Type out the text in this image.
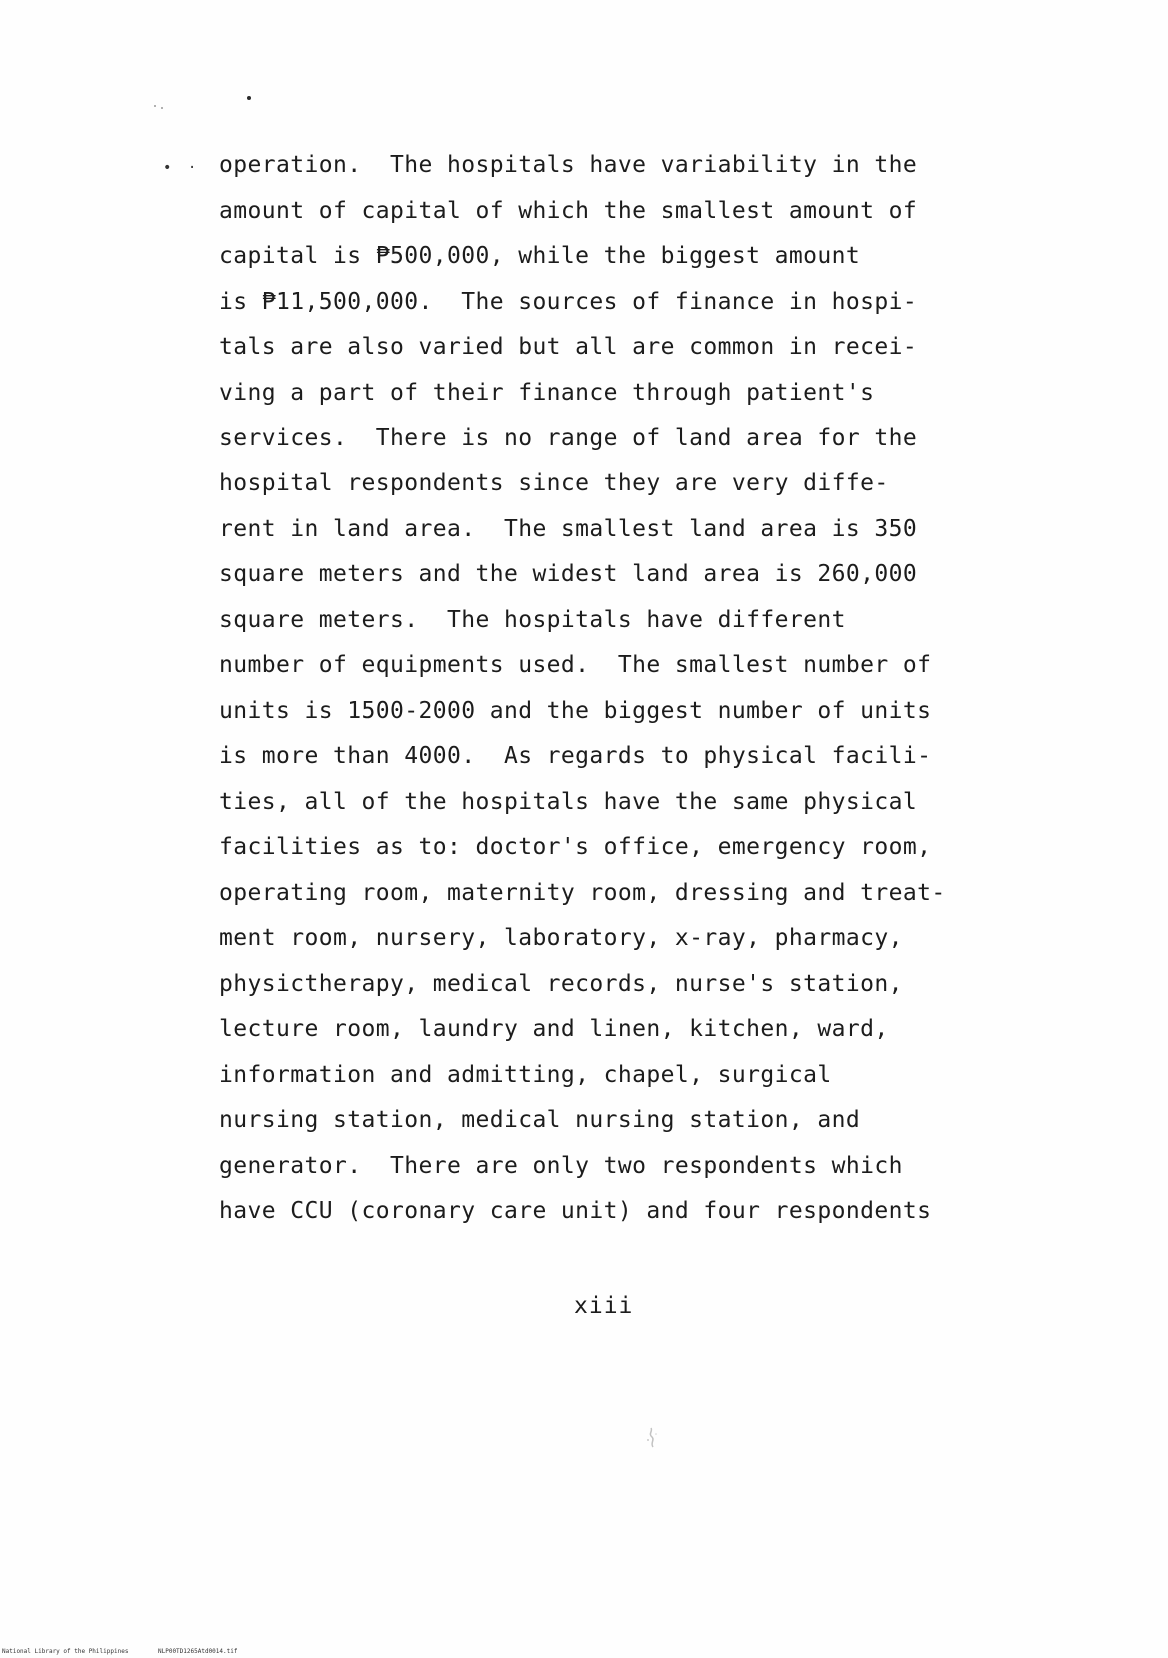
• · operation.  The hospitals have variability in the
amount of capital of which the smallest amount of
capital is ₱500,000, while the biggest amount
is ₱11,500,000.  The sources of finance in hospi-
tals are also varied but all are common in recei-
ving a part of their finance through patient's
services.  There is no range of land area for the
hospital respondents since they are very diffe-
rent in land area.  The smallest land area is 350
square meters and the widest land area is 260,000
square meters.  The hospitals have different
number of equipments used.  The smallest number of
units is 1500-2000 and the biggest number of units
is more than 4000.  As regards to physical facili-
ties, all of the hospitals have the same physical
facilities as to: doctor's office, emergency room,
operating room, maternity room, dressing and treat-
ment room, nursery, laboratory, x-ray, pharmacy,
physictherapy, medical records, nurse's station,
lecture room, laundry and linen, kitchen, ward,
information and admitting, chapel, surgical
nursing station, medical nursing station, and
generator.  There are only two respondents which
have CCU (coronary care unit) and four respondents
xiii
National Library of the Philippines	NLP00TD1265Atd0014.tif
